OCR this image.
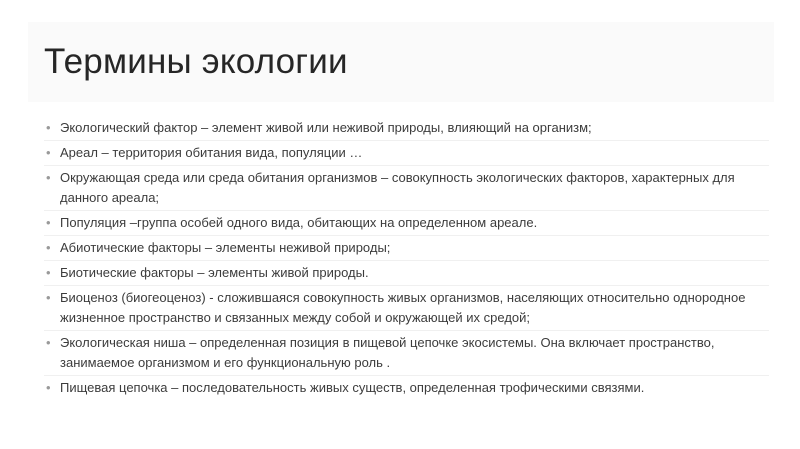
Термины экологии
• Экологический фактор – элемент живой или неживой природы, влияющий на организм;
• Ареал – территория обитания вида, популяции …
• Окружающая среда или среда обитания организмов – совокупность экологических факторов, характерных для данного ареала;
• Популяция –группа особей одного вида, обитающих на определенном ареале.
• Абиотические факторы – элементы неживой природы;
• Биотические факторы – элементы живой природы.
• Биоценоз (биогеоценоз) - сложившаяся совокупность живых организмов, населяющих относительно однородное жизненное пространство и связанных между собой и окружающей их средой;
• Экологическая ниша – определенная позиция в пищевой цепочке экосистемы. Она включает пространство, занимаемое организмом и его функциональную роль .
• Пищевая цепочка – последовательность живых существ, определенная трофическими связями.
